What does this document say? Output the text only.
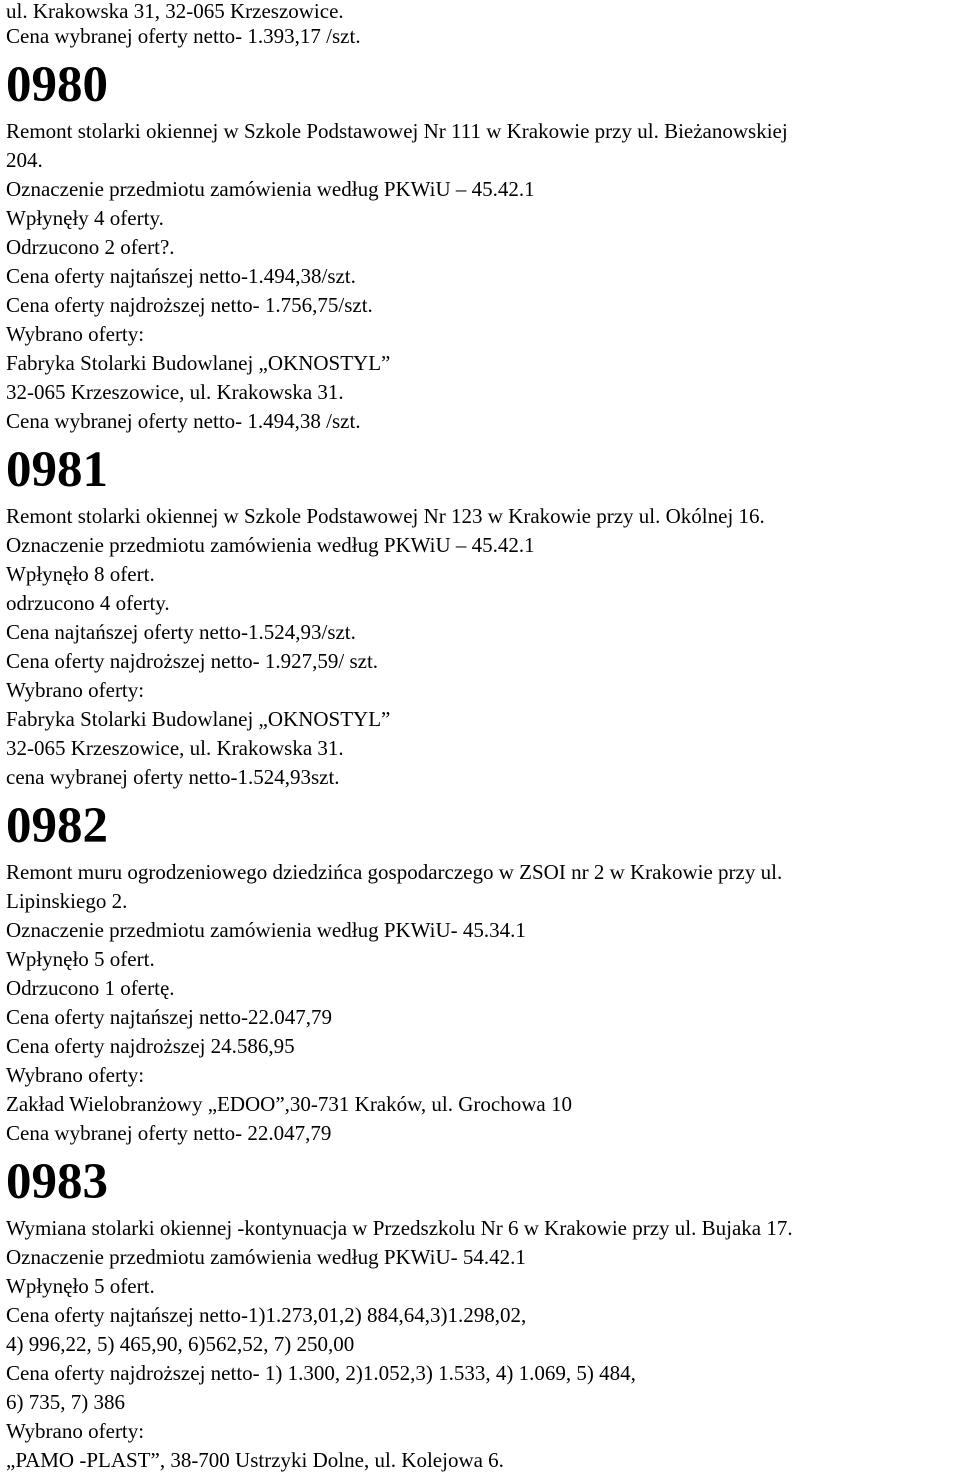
ul. Krakowska 31, 32-065 Krzeszowice.
Cena wybranej oferty netto- 1.393,17 /szt.
0980
Remont stolarki okiennej w Szkole Podstawowej Nr 111 w Krakowie przy ul. Bieżanowskiej
204.
Oznaczenie przedmiotu zamówienia według PKWiU – 45.42.1
Wpłynęły 4 oferty.
Odrzucono 2 ofert?.
Cena oferty najtańszej netto-1.494,38/szt.
Cena oferty najdroższej netto- 1.756,75/szt.
Wybrano oferty:
Fabryka Stolarki Budowlanej „OKNOSTYL”
32-065 Krzeszowice, ul. Krakowska 31.
Cena wybranej oferty netto- 1.494,38 /szt.
0981
Remont stolarki okiennej w Szkole Podstawowej Nr 123 w Krakowie przy ul. Okólnej 16.
Oznaczenie przedmiotu zamówienia według PKWiU – 45.42.1
Wpłynęło 8 ofert.
odrzucono 4 oferty.
Cena najtańszej oferty netto-1.524,93/szt.
Cena oferty najdroższej netto- 1.927,59/ szt.
Wybrano oferty:
Fabryka Stolarki Budowlanej „OKNOSTYL”
32-065 Krzeszowice, ul. Krakowska 31.
cena wybranej oferty netto-1.524,93szt.
0982
Remont muru ogrodzeniowego dziedzińca gospodarczego w ZSOI nr 2 w Krakowie przy ul.
Lipinskiego 2.
Oznaczenie przedmiotu zamówienia według PKWiU- 45.34.1
Wpłynęło 5 ofert.
Odrzucono 1 ofertę.
Cena oferty najtańszej netto-22.047,79
Cena oferty najdroższej 24.586,95
Wybrano oferty:
Zakład Wielobranżowy „EDOO”,30-731 Kraków, ul. Grochowa 10
Cena wybranej oferty netto- 22.047,79
0983
Wymiana stolarki okiennej -kontynuacja w Przedszkolu Nr 6 w Krakowie przy ul. Bujaka 17.
Oznaczenie przedmiotu zamówienia według PKWiU- 54.42.1
Wpłynęło 5 ofert.
Cena oferty najtańszej netto-1)1.273,01,2) 884,64,3)1.298,02,
4) 996,22, 5) 465,90, 6)562,52, 7) 250,00
Cena oferty najdroższej netto- 1) 1.300, 2)1.052,3) 1.533, 4) 1.069, 5) 484,
6) 735, 7) 386
Wybrano oferty:
„PAMO -PLAST”, 38-700 Ustrzyki Dolne, ul. Kolejowa 6.
